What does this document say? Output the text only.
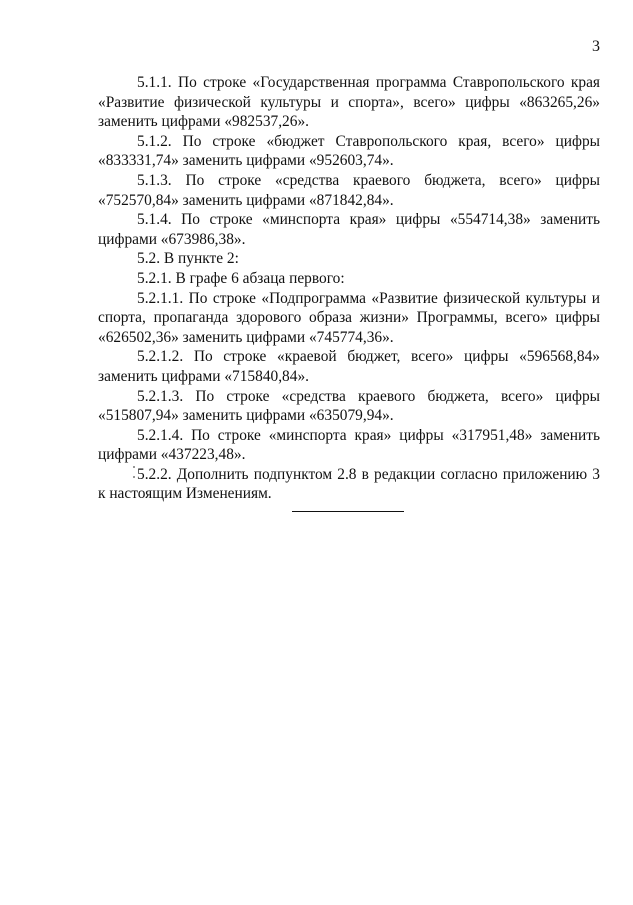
3

5.1.1. По строке «Государственная программа Ставропольского края «Развитие физической культуры и спорта», всего» цифры «863265,26» заменить цифрами «982537,26».

5.1.2. По строке «бюджет Ставропольского края, всего» цифры «833331,74» заменить цифрами «952603,74».

5.1.3. По строке «средства краевого бюджета, всего» цифры «752570,84» заменить цифрами «871842,84».

5.1.4. По строке «минспорта края» цифры «554714,38» заменить цифрами «673986,38».

5.2. В пункте 2:

5.2.1. В графе 6 абзаца первого:

5.2.1.1. По строке «Подпрограмма «Развитие физической культуры и спорта, пропаганда здорового образа жизни» Программы, всего» цифры «626502,36» заменить цифрами «745774,36».

5.2.1.2. По строке «краевой бюджет, всего» цифры «596568,84» заменить цифрами «715840,84».

5.2.1.3. По строке «средства краевого бюджета, всего» цифры «515807,94» заменить цифрами «635079,94».

5.2.1.4. По строке «минспорта края» цифры «317951,48» заменить цифрами «437223,48».

5.2.2. Дополнить подпунктом 2.8 в редакции согласно приложению 3 к настоящим Изменениям.
